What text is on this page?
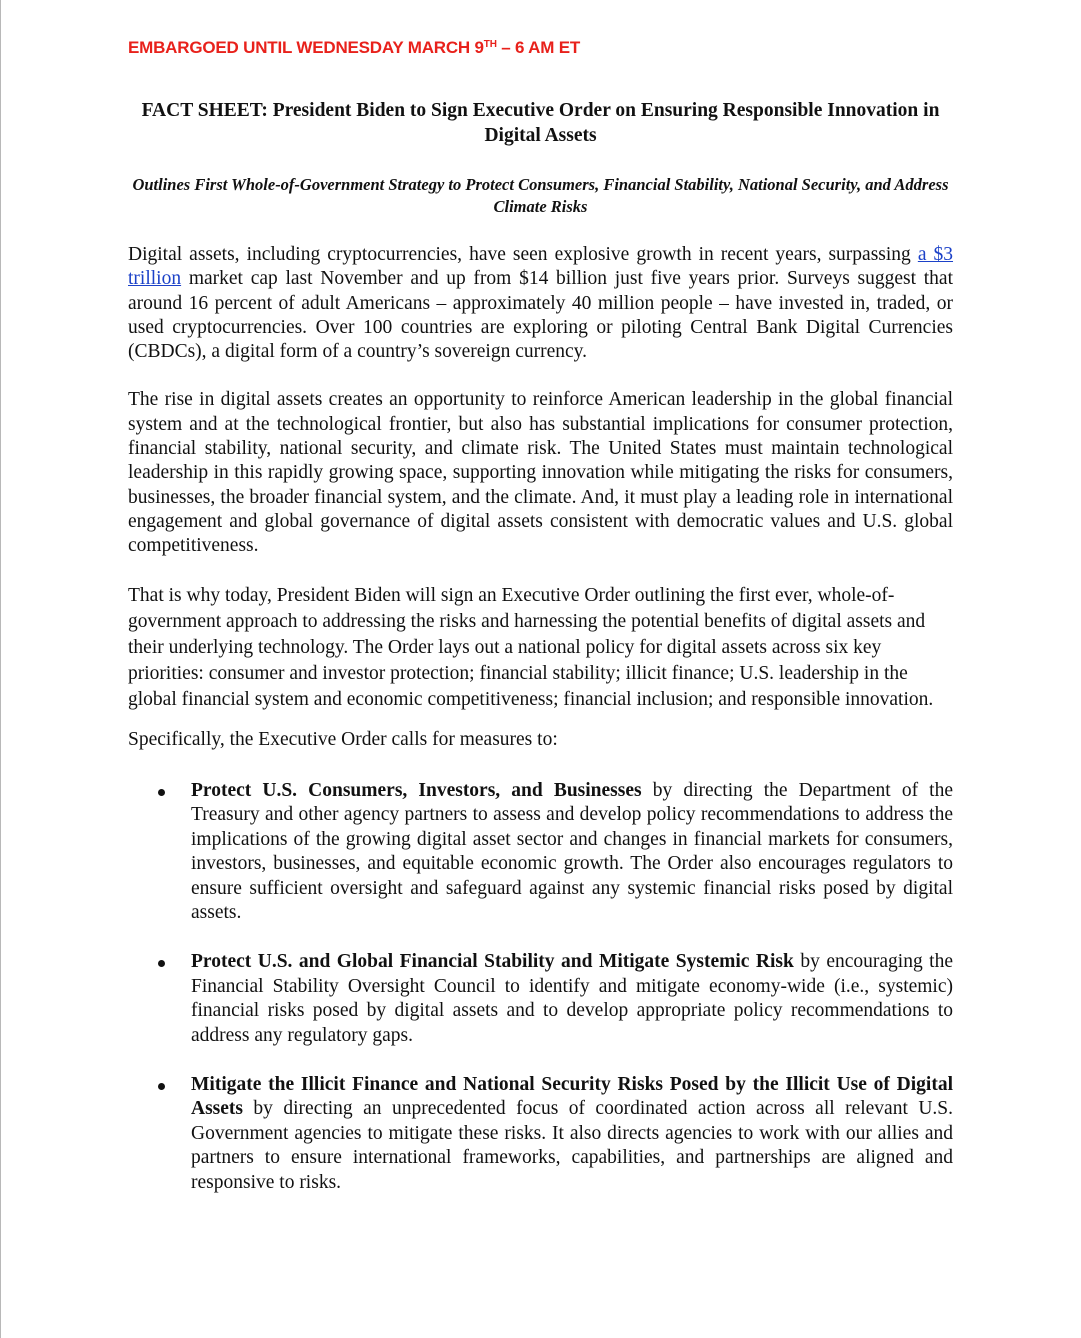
EMBARGOED UNTIL WEDNESDAY MARCH 9TH – 6 AM ET
FACT SHEET: President Biden to Sign Executive Order on Ensuring Responsible Innovation in Digital Assets
Outlines First Whole-of-Government Strategy to Protect Consumers, Financial Stability, National Security, and Address Climate Risks

Digital assets, including cryptocurrencies, have seen explosive growth in recent years, surpassing a $3 trillion market cap last November and up from $14 billion just five years prior. Surveys suggest that around 16 percent of adult Americans – approximately 40 million people – have invested in, traded, or used cryptocurrencies. Over 100 countries are exploring or piloting Central Bank Digital Currencies (CBDCs), a digital form of a country’s sovereign currency.

The rise in digital assets creates an opportunity to reinforce American leadership in the global financial system and at the technological frontier, but also has substantial implications for consumer protection, financial stability, national security, and climate risk. The United States must maintain technological leadership in this rapidly growing space, supporting innovation while mitigating the risks for consumers, businesses, the broader financial system, and the climate. And, it must play a leading role in international engagement and global governance of digital assets consistent with democratic values and U.S. global competitiveness.

That is why today, President Biden will sign an Executive Order outlining the first ever, whole-of-government approach to addressing the risks and harnessing the potential benefits of digital assets and their underlying technology. The Order lays out a national policy for digital assets across six key priorities: consumer and investor protection; financial stability; illicit finance; U.S. leadership in the global financial system and economic competitiveness; financial inclusion; and responsible innovation.

Specifically, the Executive Order calls for measures to:

Protect U.S. Consumers, Investors, and Businesses by directing the Department of the Treasury and other agency partners to assess and develop policy recommendations to address the implications of the growing digital asset sector and changes in financial markets for consumers, investors, businesses, and equitable economic growth. The Order also encourages regulators to ensure sufficient oversight and safeguard against any systemic financial risks posed by digital assets.
Protect U.S. and Global Financial Stability and Mitigate Systemic Risk by encouraging the Financial Stability Oversight Council to identify and mitigate economy-wide (i.e., systemic) financial risks posed by digital assets and to develop appropriate policy recommendations to address any regulatory gaps.
Mitigate the Illicit Finance and National Security Risks Posed by the Illicit Use of Digital Assets by directing an unprecedented focus of coordinated action across all relevant U.S. Government agencies to mitigate these risks. It also directs agencies to work with our allies and partners to ensure international frameworks, capabilities, and partnerships are aligned and responsive to risks.
